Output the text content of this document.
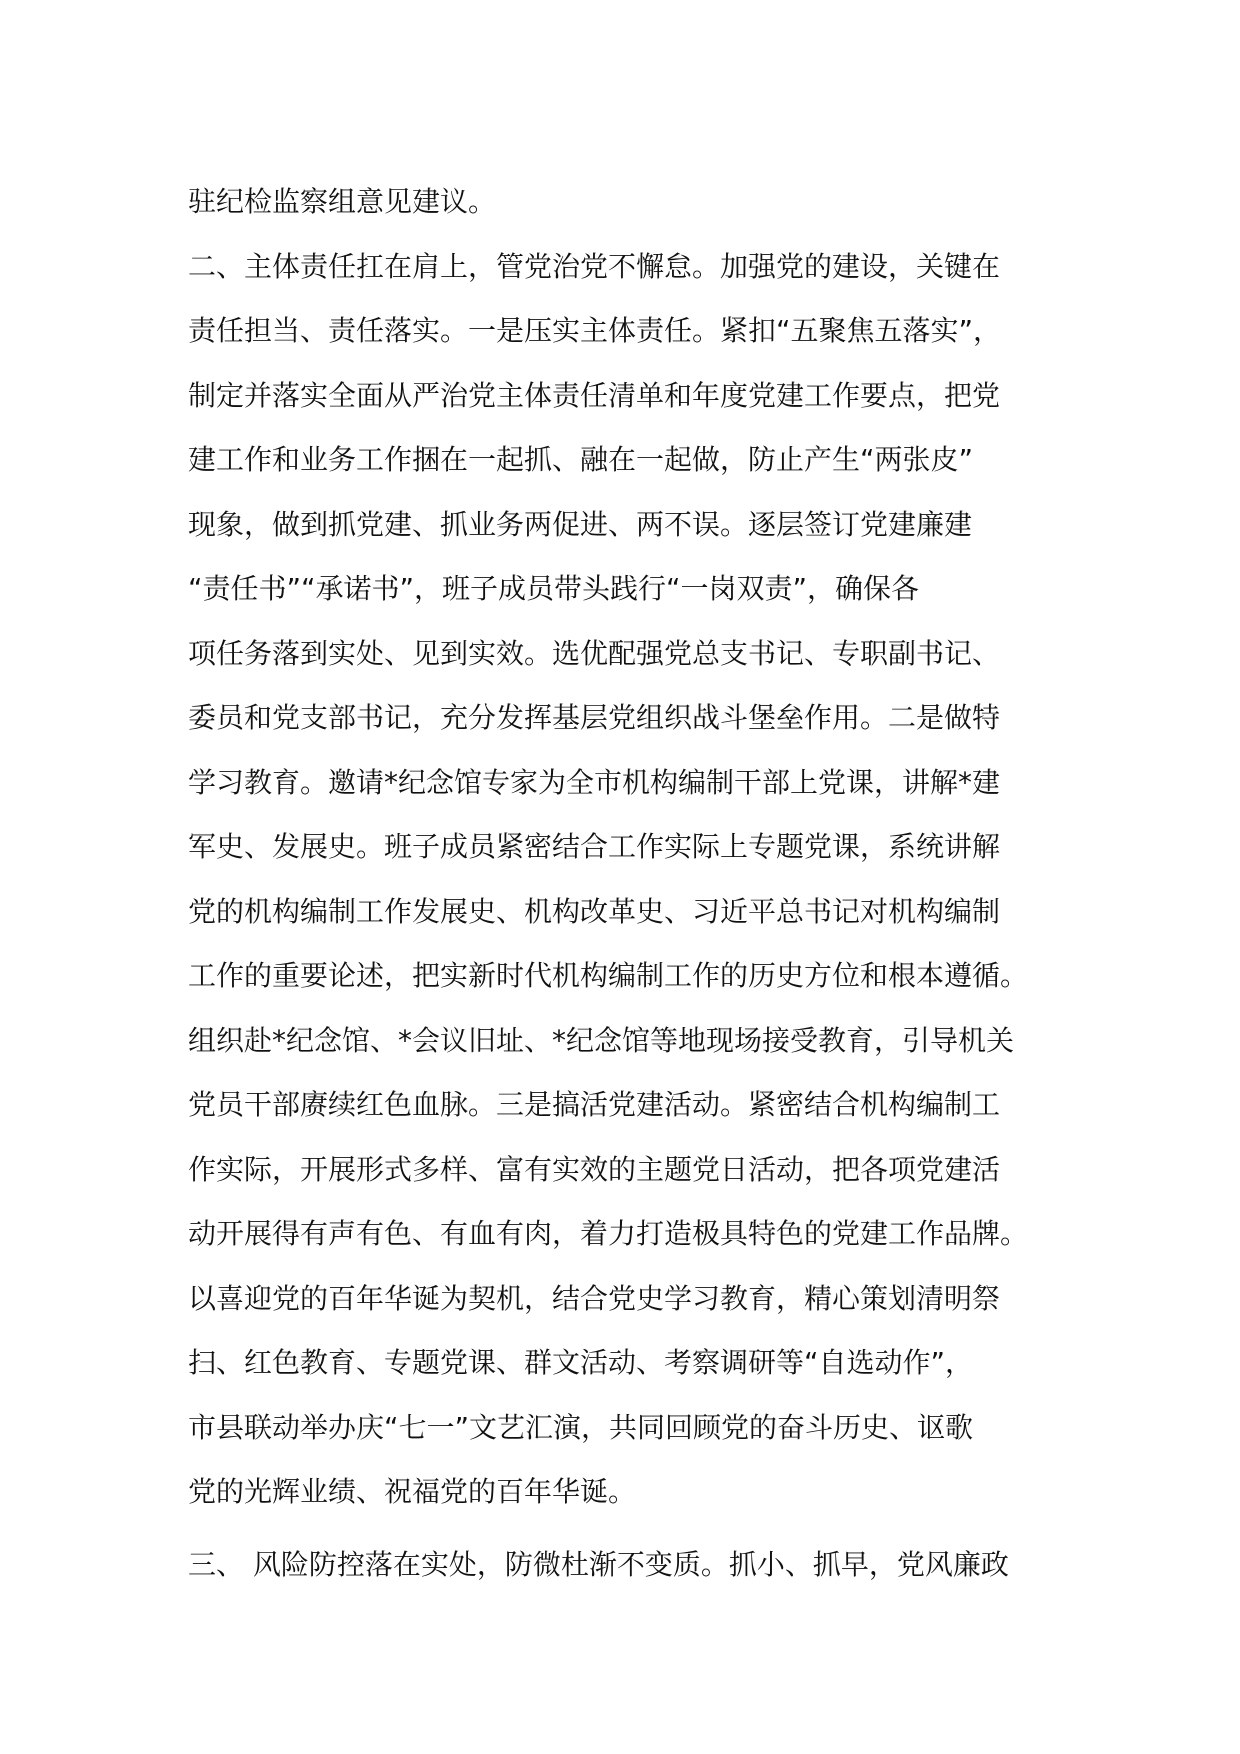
驻纪检监察组意见建议。
二、主体责任扛在肩上，管党治党不懈怠。加强党的建设，关键在
责任担当、责任落实。一是压实主体责任。紧扣“五聚焦五落实”，
制定并落实全面从严治党主体责任清单和年度党建工作要点，把党
建工作和业务工作捆在一起抓、融在一起做，防止产生“两张皮”
现象，做到抓党建、抓业务两促进、两不误。逐层签订党建廉建
“责任书”“承诺书”，班子成员带头践行“一岗双责”，确保各
项任务落到实处、见到实效。选优配强党总支书记、专职副书记、
委员和党支部书记，充分发挥基层党组织战斗堡垒作用。二是做特
学习教育。邀请*纪念馆专家为全市机构编制干部上党课，讲解*建
军史、发展史。班子成员紧密结合工作实际上专题党课，系统讲解
党的机构编制工作发展史、机构改革史、习近平总书记对机构编制
工作的重要论述，把实新时代机构编制工作的历史方位和根本遵循。
组织赴*纪念馆、*会议旧址、*纪念馆等地现场接受教育，引导机关
党员干部赓续红色血脉。三是搞活党建活动。紧密结合机构编制工
作实际，开展形式多样、富有实效的主题党日活动，把各项党建活
动开展得有声有色、有血有肉，着力打造极具特色的党建工作品牌。
以喜迎党的百年华诞为契机，结合党史学习教育，精心策划清明祭
扫、红色教育、专题党课、群文活动、考察调研等“自选动作”，
市县联动举办庆“七一”文艺汇演，共同回顾党的奋斗历史、讴歌
党的光辉业绩、祝福党的百年华诞。
三、 风险防控落在实处，防微杜渐不变质。抓小、抓早，党风廉政
